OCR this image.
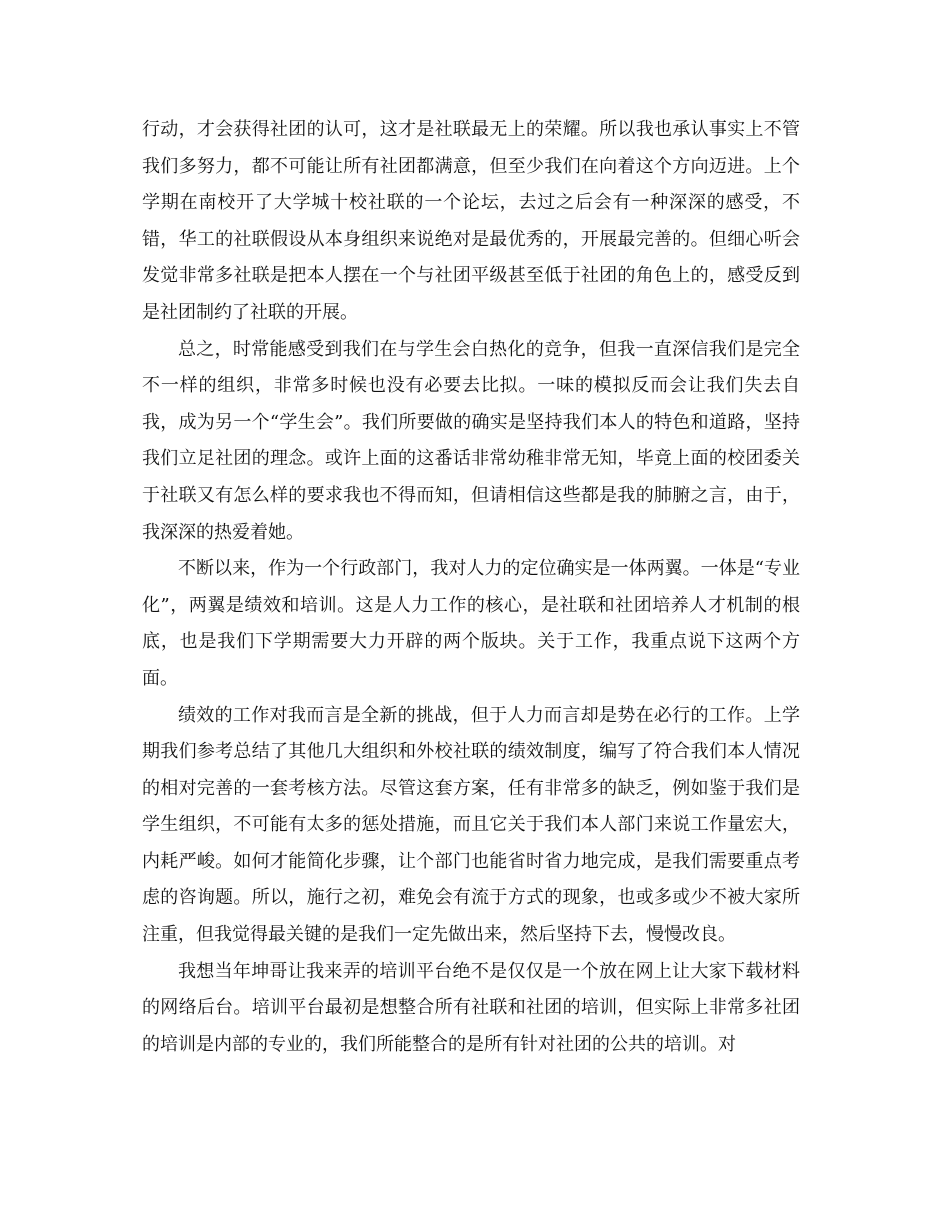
行动，才会获得社团的认可，这才是社联最无上的荣耀。所以我也承认事实上不管我们多努力，都不可能让所有社团都满意，但至少我们在向着这个方向迈进。上个学期在南校开了大学城十校社联的一个论坛，去过之后会有一种深深的感受，不错，华工的社联假设从本身组织来说绝对是最优秀的，开展最完善的。但细心听会发觉非常多社联是把本人摆在一个与社团平级甚至低于社团的角色上的，感受反到是社团制约了社联的开展。

总之，时常能感受到我们在与学生会白热化的竞争，但我一直深信我们是完全不一样的组织，非常多时候也没有必要去比拟。一味的模拟反而会让我们失去自我，成为另一个“学生会”。我们所要做的确实是坚持我们本人的特色和道路，坚持我们立足社团的理念。或许上面的这番话非常幼稚非常无知，毕竟上面的校团委关于社联又有怎么样的要求我也不得而知，但请相信这些都是我的肺腑之言，由于，我深深的热爱着她。

不断以来，作为一个行政部门，我对人力的定位确实是一体两翼。一体是“专业化”，两翼是绩效和培训。这是人力工作的核心，是社联和社团培养人才机制的根底，也是我们下学期需要大力开辟的两个版块。关于工作，我重点说下这两个方面。

绩效的工作对我而言是全新的挑战，但于人力而言却是势在必行的工作。上学期我们参考总结了其他几大组织和外校社联的绩效制度，编写了符合我们本人情况的相对完善的一套考核方法。尽管这套方案，任有非常多的缺乏，例如鉴于我们是学生组织，不可能有太多的惩处措施，而且它关于我们本人部门来说工作量宏大，内耗严峻。如何才能简化步骤，让个部门也能省时省力地完成，是我们需要重点考虑的咨询题。所以，施行之初，难免会有流于方式的现象，也或多或少不被大家所注重，但我觉得最关键的是我们一定先做出来，然后坚持下去，慢慢改良。

我想当年坤哥让我来弄的培训平台绝不是仅仅是一个放在网上让大家下载材料的网络后台。培训平台最初是想整合所有社联和社团的培训，但实际上非常多社团的培训是内部的专业的，我们所能整合的是所有针对社团的公共的培训。对
